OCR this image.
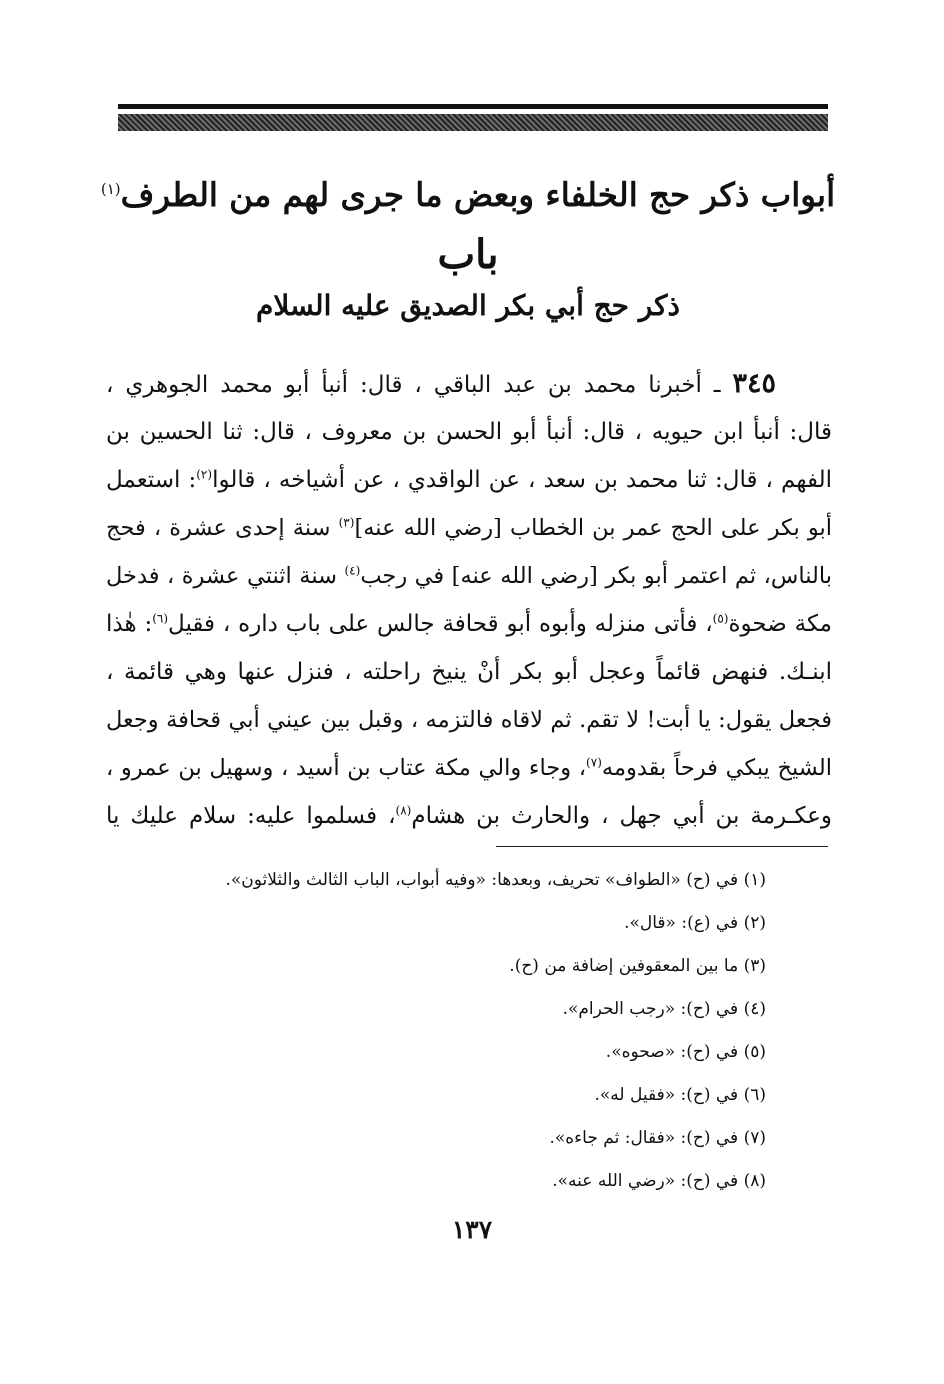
أبواب ذكر حج الخلفاء وبعض ما جرى لهم من الطرف$^{(١)}$
باب
ذكر حج أبي بكر الصديق عليه السلام
٣٤٥ ـ أخبرنا محمد بن عبد الباقي ، قال: أنبأ أبو محمد الجوهري ،
قال: أنبأ ابن حيويه ، قال: أنبأ أبو الحسن بن معروف ، قال: ثنا الحسين بن
الفهم ، قال: ثنا محمد بن سعد ، عن الواقدي ، عن أشياخه ، قالوا$^{(٢)}$: استعمل
أبو بكر على الحج عمر بن الخطاب [رضي الله عنه]$^{(٣)}$ سنة إحدى عشرة ، فحج
بالناس، ثم اعتمر أبو بكر [رضي الله عنه] في رجب$^{(٤)}$ سنة اثنتي عشرة ، فدخل
مكة ضحوة$^{(٥)}$، فأتى منزله وأبوه أبو قحافة جالس على باب داره ، فقيل$^{(٦)}$: هٰذا
ابنـك. فنهض قائماً وعجل أبو بكر أنْ ينيخ راحلته ، فنزل عنها وهي قائمة ،
فجعل يقول: يا أبت! لا تقم. ثم لاقاه فالتزمه ، وقبل بين عيني أبي قحافة وجعل
الشيخ يبكي فرحاً بقدومه$^{(٧)}$، وجاء والي مكة عتاب بن أسيد ، وسهيل بن عمرو ،
وعكـرمة بن أبي جهل ، والحارث بن هشام$^{(٨)}$، فسلموا عليه: سلام عليك يا
(١) في (ح) «الطواف» تحريف، وبعدها: «وفيه أبواب، الباب الثالث والثلاثون».
(٢) في (ع): «قال».
(٣) ما بين المعقوفين إضافة من (ح).
(٤) في (ح): «رجب الحرام».
(٥) في (ح): «صحوه».
(٦) في (ح): «فقيل له».
(٧) في (ح): «فقال: ثم جاءه».
(٨) في (ح): «رضي الله عنه».
١٣٧
